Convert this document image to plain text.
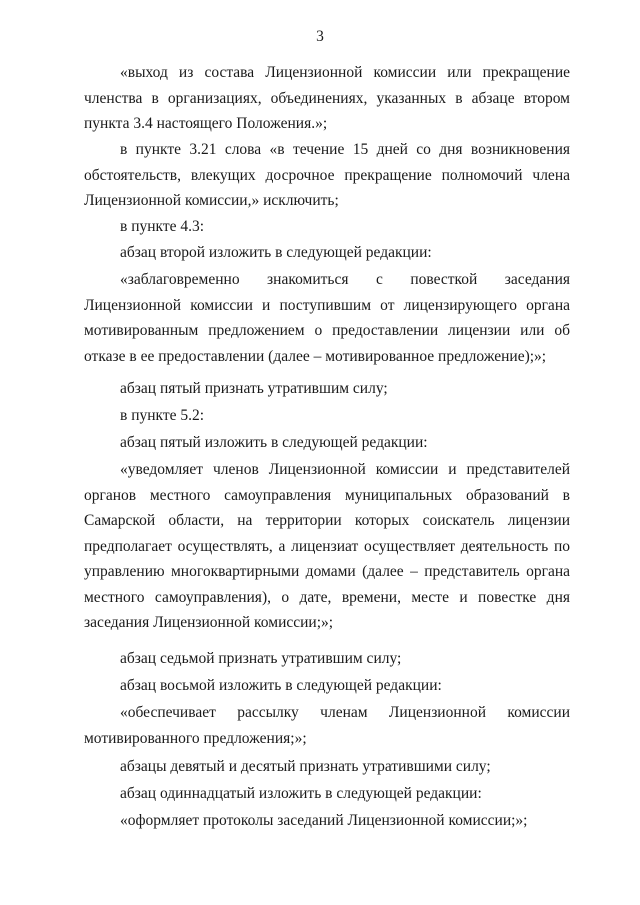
3
«выход из состава Лицензионной комиссии или прекращение членства в организациях, объединениях, указанных в абзаце втором пункта 3.4 настоящего Положения.»;
в пункте 3.21 слова «в течение 15 дней со дня возникновения обстоятельств, влекущих досрочное прекращение полномочий члена Лицензионной комиссии,» исключить;
в пункте 4.3:
абзац второй изложить в следующей редакции:
«заблаговременно знакомиться с повесткой заседания Лицензионной комиссии и поступившим от лицензирующего органа мотивированным предложением о предоставлении лицензии или об отказе в ее предоставлении (далее – мотивированное предложение);»;
абзац пятый признать утратившим силу;
в пункте 5.2:
абзац пятый изложить в следующей редакции:
«уведомляет членов Лицензионной комиссии и представителей органов местного самоуправления муниципальных образований в Самарской области, на территории которых соискатель лицензии предполагает осуществлять, а лицензиат осуществляет деятельность по управлению многоквартирными домами (далее – представитель органа местного самоуправления), о дате, времени, месте и повестке дня заседания Лицензионной комиссии;»;
абзац седьмой признать утратившим силу;
абзац восьмой изложить в следующей редакции:
«обеспечивает рассылку членам Лицензионной комиссии мотивированного предложения;»;
абзацы девятый и десятый признать утратившими силу;
абзац одиннадцатый изложить в следующей редакции:
«оформляет протоколы заседаний Лицензионной комиссии;»;
